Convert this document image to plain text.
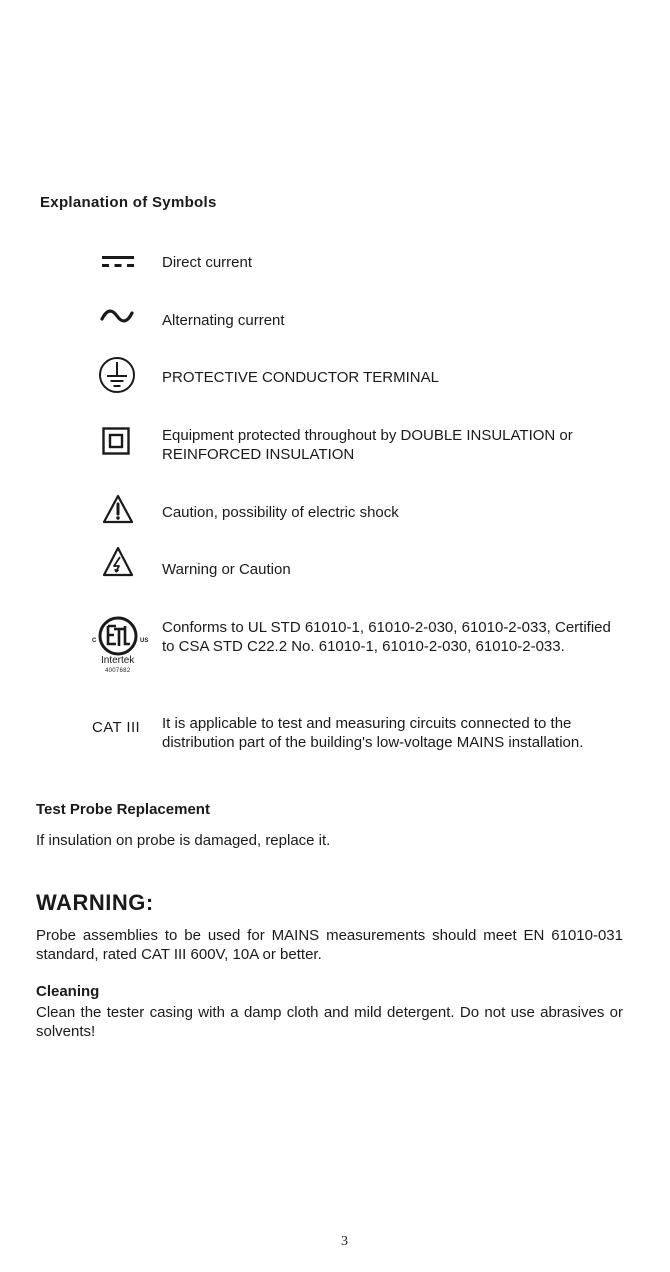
Explanation of Symbols
Direct current
Alternating current
PROTECTIVE CONDUCTOR TERMINAL
Equipment protected throughout by DOUBLE INSULATION or REINFORCED INSULATION
Caution, possibility of electric shock
Warning or Caution
C	US
Intertek
4007682
Conforms to UL STD 61010-1, 61010-2-030, 61010-2-033, Certified to CSA STD C22.2 No. 61010-1, 61010-2-030, 61010-2-033.
CAT III It is applicable to test and measuring circuits connected to the distribution part of the building's low-voltage MAINS installation.
Test Probe Replacement
If insulation on probe is damaged, replace it.
WARNING:
Probe assemblies to be used for MAINS measurements should meet EN 61010-031 standard, rated CAT III 600V, 10A or better.
Cleaning
Clean the tester casing with a damp cloth and mild detergent. Do not use abrasives or solvents!
3
